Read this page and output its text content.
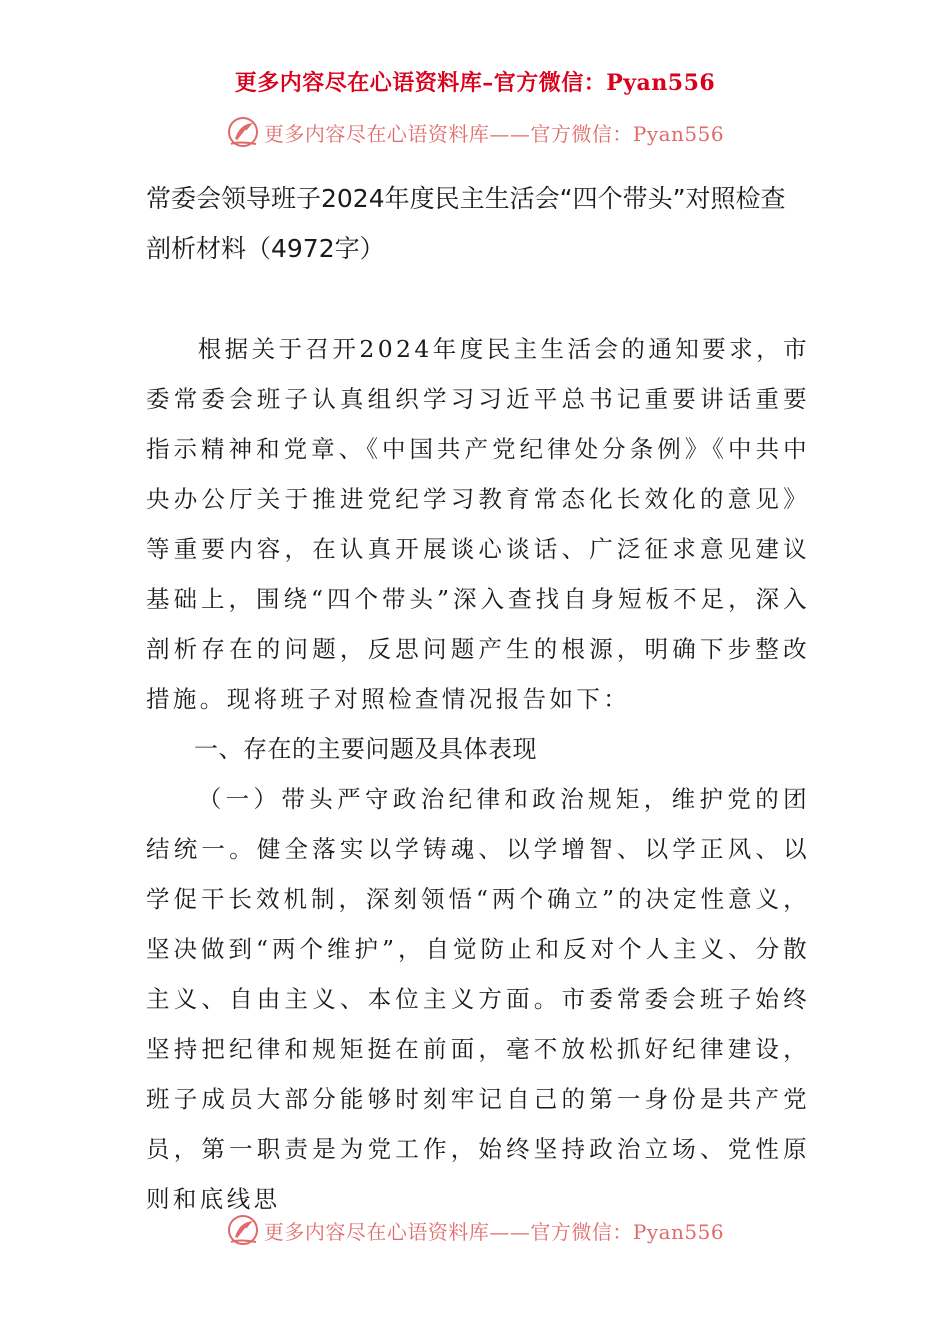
更多内容尽在心语资料库–官方微信：Pyan556
更多内容尽在心语资料库——官方微信：Pyan556
常委会领导班子2024年度民主生活会“四个带头”对照检查剖析材料（4972字）

根据关于召开2024年度民主生活会的通知要求，市委常委会班子认真组织学习习近平总书记重要讲话重要指示精神和党章、《中国共产党纪律处分条例》《中共中央办公厅关于推进党纪学习教育常态化长效化的意见》等重要内容，在认真开展谈心谈话、广泛征求意见建议基础上，围绕“四个带头”深入查找自身短板不足，深入剖析存在的问题，反思问题产生的根源，明确下步整改措施。现将班子对照检查情况报告如下：

一、存在的主要问题及具体表现

（一）带头严守政治纪律和政治规矩，维护党的团结统一。健全落实以学铸魂、以学增智、以学正风、以学促干长效机制，深刻领悟“两个确立”的决定性意义，坚决做到“两个维护”，自觉防止和反对个人主义、分散主义、自由主义、本位主义方面。市委常委会班子始终坚持把纪律和规矩挺在前面，毫不放松抓好纪律建设，班子成员大部分能够时刻牢记自己的第一身份是共产党员，第一职责是为党工作，始终坚持政治立场、党性原则和底线思

更多内容尽在心语资料库——官方微信：Pyan556
